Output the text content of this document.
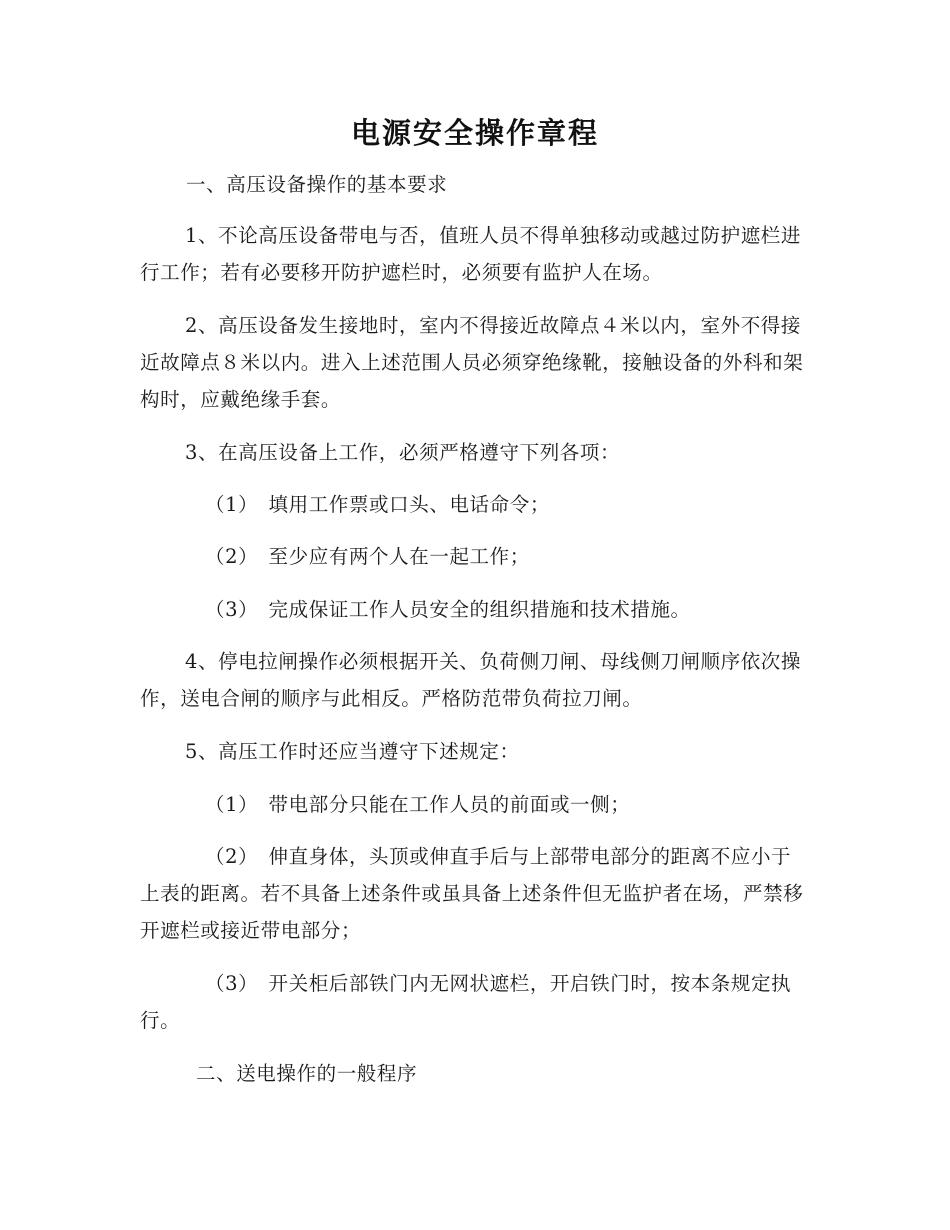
电源安全操作章程
一、高压设备操作的基本要求
1、不论高压设备带电与否，值班人员不得单独移动或越过防护遮栏进行工作；若有必要移开防护遮栏时，必须要有监护人在场。
2、高压设备发生接地时，室内不得接近故障点４米以内，室外不得接近故障点８米以内。进入上述范围人员必须穿绝缘靴，接触设备的外科和架构时，应戴绝缘手套。
3、在高压设备上工作，必须严格遵守下列各项：
（1）　填用工作票或口头、电话命令；
（2）　至少应有两个人在一起工作；
（3）　完成保证工作人员安全的组织措施和技术措施。
4、停电拉闸操作必须根据开关、负荷侧刀闸、母线侧刀闸顺序依次操作，送电合闸的顺序与此相反。严格防范带负荷拉刀闸。
5、高压工作时还应当遵守下述规定：
（1）　带电部分只能在工作人员的前面或一侧；
（2）　伸直身体，头顶或伸直手后与上部带电部分的距离不应小于上表的距离。若不具备上述条件或虽具备上述条件但无监护者在场，严禁移开遮栏或接近带电部分；
（3）　开关柜后部铁门内无网状遮栏，开启铁门时，按本条规定执行。
二、送电操作的一般程序
